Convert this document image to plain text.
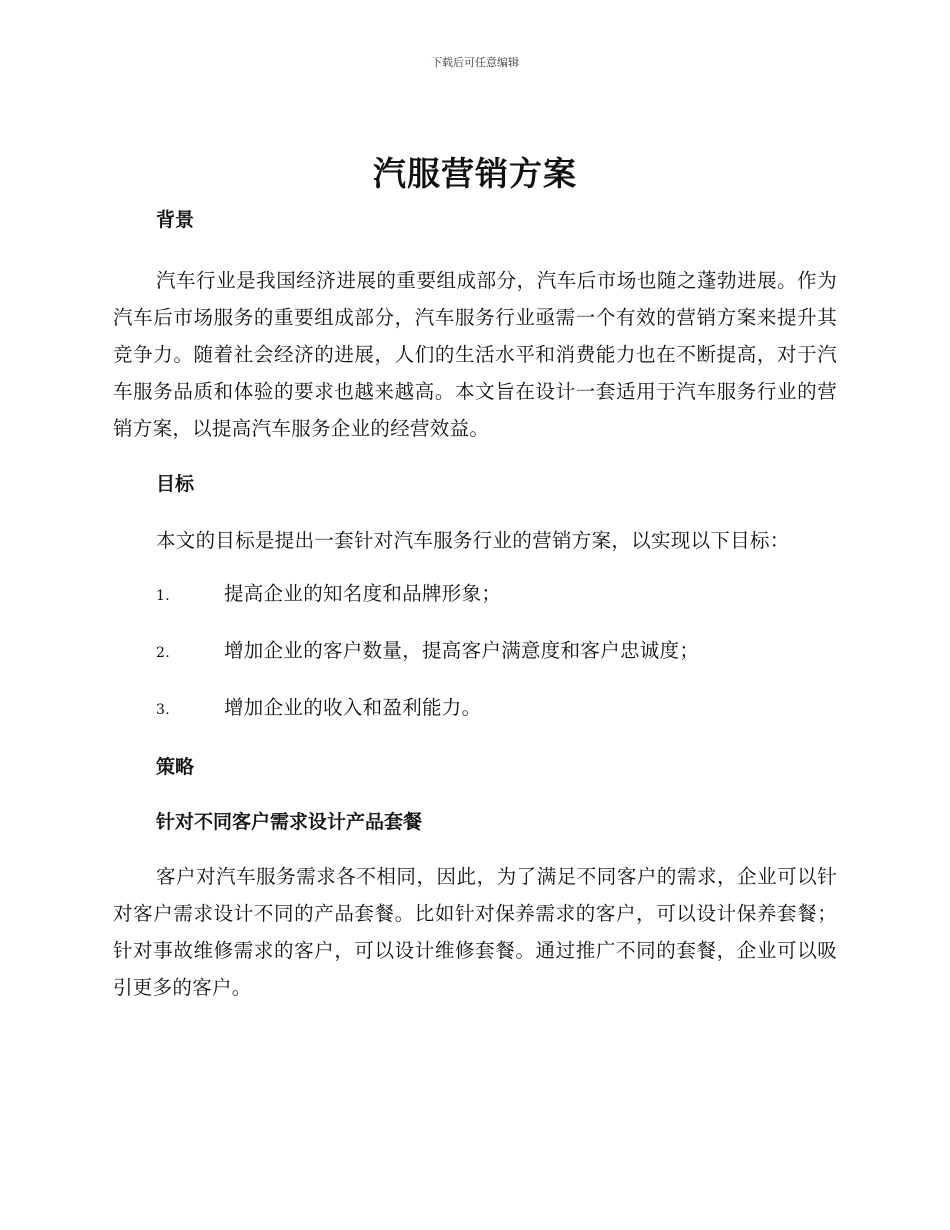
下载后可任意编辑
汽服营销方案
背景

汽车行业是我国经济进展的重要组成部分，汽车后市场也随之蓬勃进展。作为汽车后市场服务的重要组成部分，汽车服务行业亟需一个有效的营销方案来提升其竞争力。随着社会经济的进展，人们的生活水平和消费能力也在不断提高，对于汽车服务品质和体验的要求也越来越高。本文旨在设计一套适用于汽车服务行业的营销方案，以提高汽车服务企业的经营效益。

目标

本文的目标是提出一套针对汽车服务行业的营销方案，以实现以下目标：

1.	提高企业的知名度和品牌形象；
2.	增加企业的客户数量，提高客户满意度和客户忠诚度；
3.	增加企业的收入和盈利能力。
策略
针对不同客户需求设计产品套餐

客户对汽车服务需求各不相同，因此，为了满足不同客户的需求，企业可以针对客户需求设计不同的产品套餐。比如针对保养需求的客户，可以设计保养套餐；针对事故维修需求的客户，可以设计维修套餐。通过推广不同的套餐，企业可以吸引更多的客户。
